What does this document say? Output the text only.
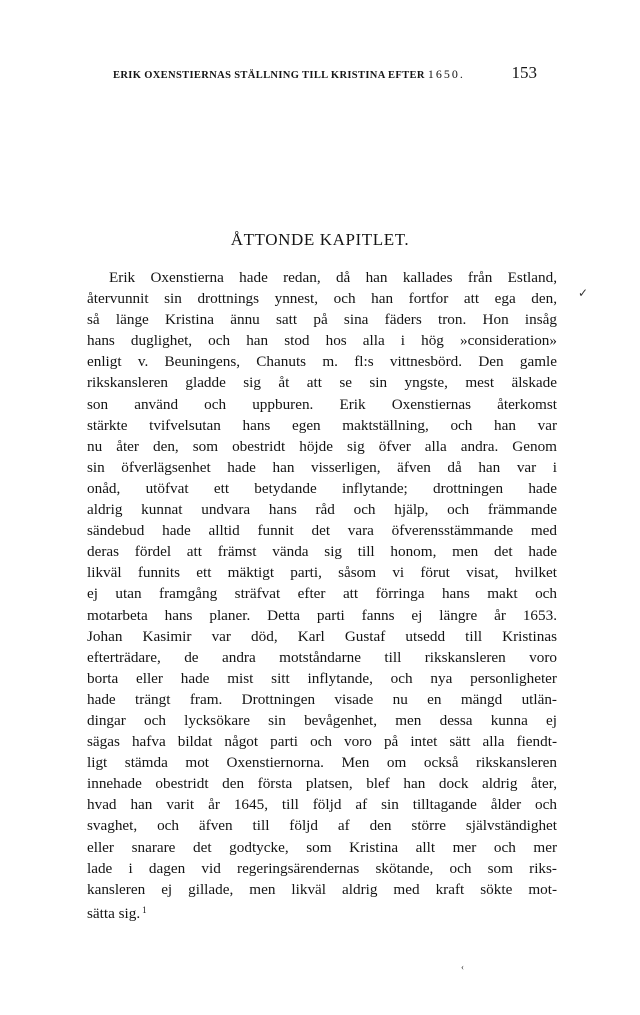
ERIK OXENSTIERNAS STÄLLNING TILL KRISTINA EFTER 1650.	153
ÅTTONDE KAPITLET.
Erik Oxenstierna hade redan, då han kallades från Estland,
återvunnit sin drottnings ynnest, och han fortfor att ega den,
så länge Kristina ännu satt på sina fäders tron. Hon insåg
hans duglighet, och han stod hos alla i hög »consideration»
enligt v. Beuningens, Chanuts m. fl:s vittnesbörd. Den gamle
rikskansleren gladde sig åt att se sin yngste, mest älskade
son använd och uppburen. Erik Oxenstiernas återkomst
stärkte tvifvelsutan hans egen maktställning, och han var
nu åter den, som obestridt höjde sig öfver alla andra. Genom
sin öfverlägsenhet hade han visserligen, äfven då han var i
onåd, utöfvat ett betydande inflytande; drottningen hade
aldrig kunnat undvara hans råd och hjälp, och främmande
sändebud hade alltid funnit det vara öfverensstämmande med
deras fördel att främst vända sig till honom, men det hade
likväl funnits ett mäktigt parti, såsom vi förut visat, hvilket
ej utan framgång sträfvat efter att förringa hans makt och
motarbeta hans planer. Detta parti fanns ej längre år 1653.
Johan Kasimir var död, Karl Gustaf utsedd till Kristinas
efterträdare, de andra motståndarne till rikskansleren voro
borta eller hade mist sitt inflytande, och nya personligheter
hade trängt fram. Drottningen visade nu en mängd utlän-
dingar och lycksökare sin bevågenhet, men dessa kunna ej
sägas hafva bildat något parti och voro på intet sätt alla fiendt-
ligt stämda mot Oxenstiernorna. Men om också rikskansleren
innehade obestridt den första platsen, blef han dock aldrig åter,
hvad han varit år 1645, till följd af sin tilltagande ålder och
svaghet, och äfven till följd af den större självständighet
eller snarare det godtycke, som Kristina allt mer och mer
lade i dagen vid regeringsärendernas skötande, och som riks-
kansleren ej gillade, men likväl aldrig med kraft sökte mot-
sätta sig. $^1$
✓
‹
